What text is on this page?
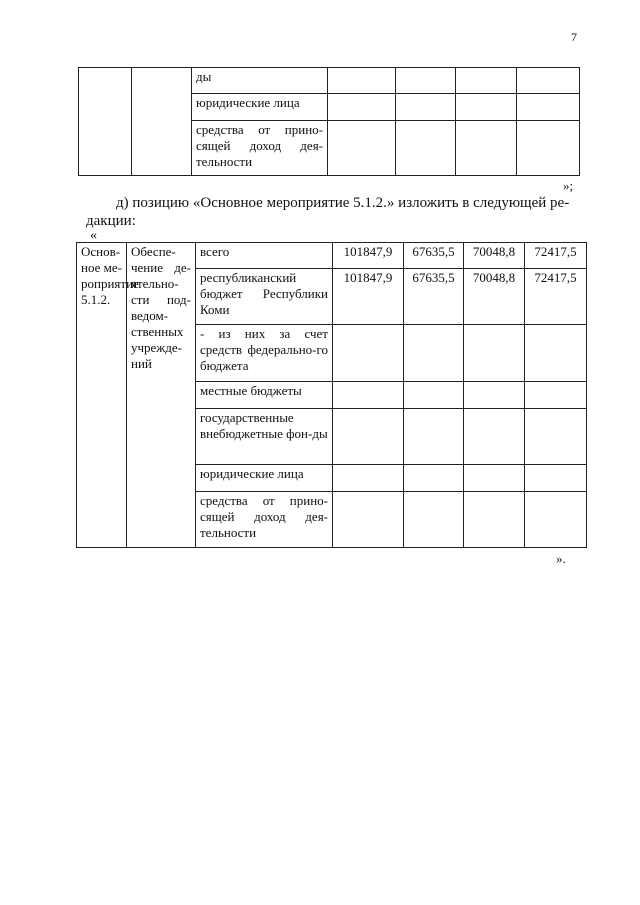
7
		ды				
		юридические лица				
		средства от прино-сящей доход дея-тельности				
»;
д) позицию «Основное мероприятие 5.1.2.» изложить в следующей ре-
дакции:
«
Основ-ное ме-роприятие 5.1.2.	Обеспе-чение де-ятельно-сти под-ведом-ственных учрежде-ний	всего	101847,9	67635,5	70048,8	72417,5
		республиканский бюджет Республики Коми	101847,9	67635,5	70048,8	72417,5
		- из них за счет средств федерально-го бюджета				
		местные бюджеты				
		государственные внебюджетные фон-ды				
		юридические лица				
		средства от прино-сящей доход дея-тельности				
».
